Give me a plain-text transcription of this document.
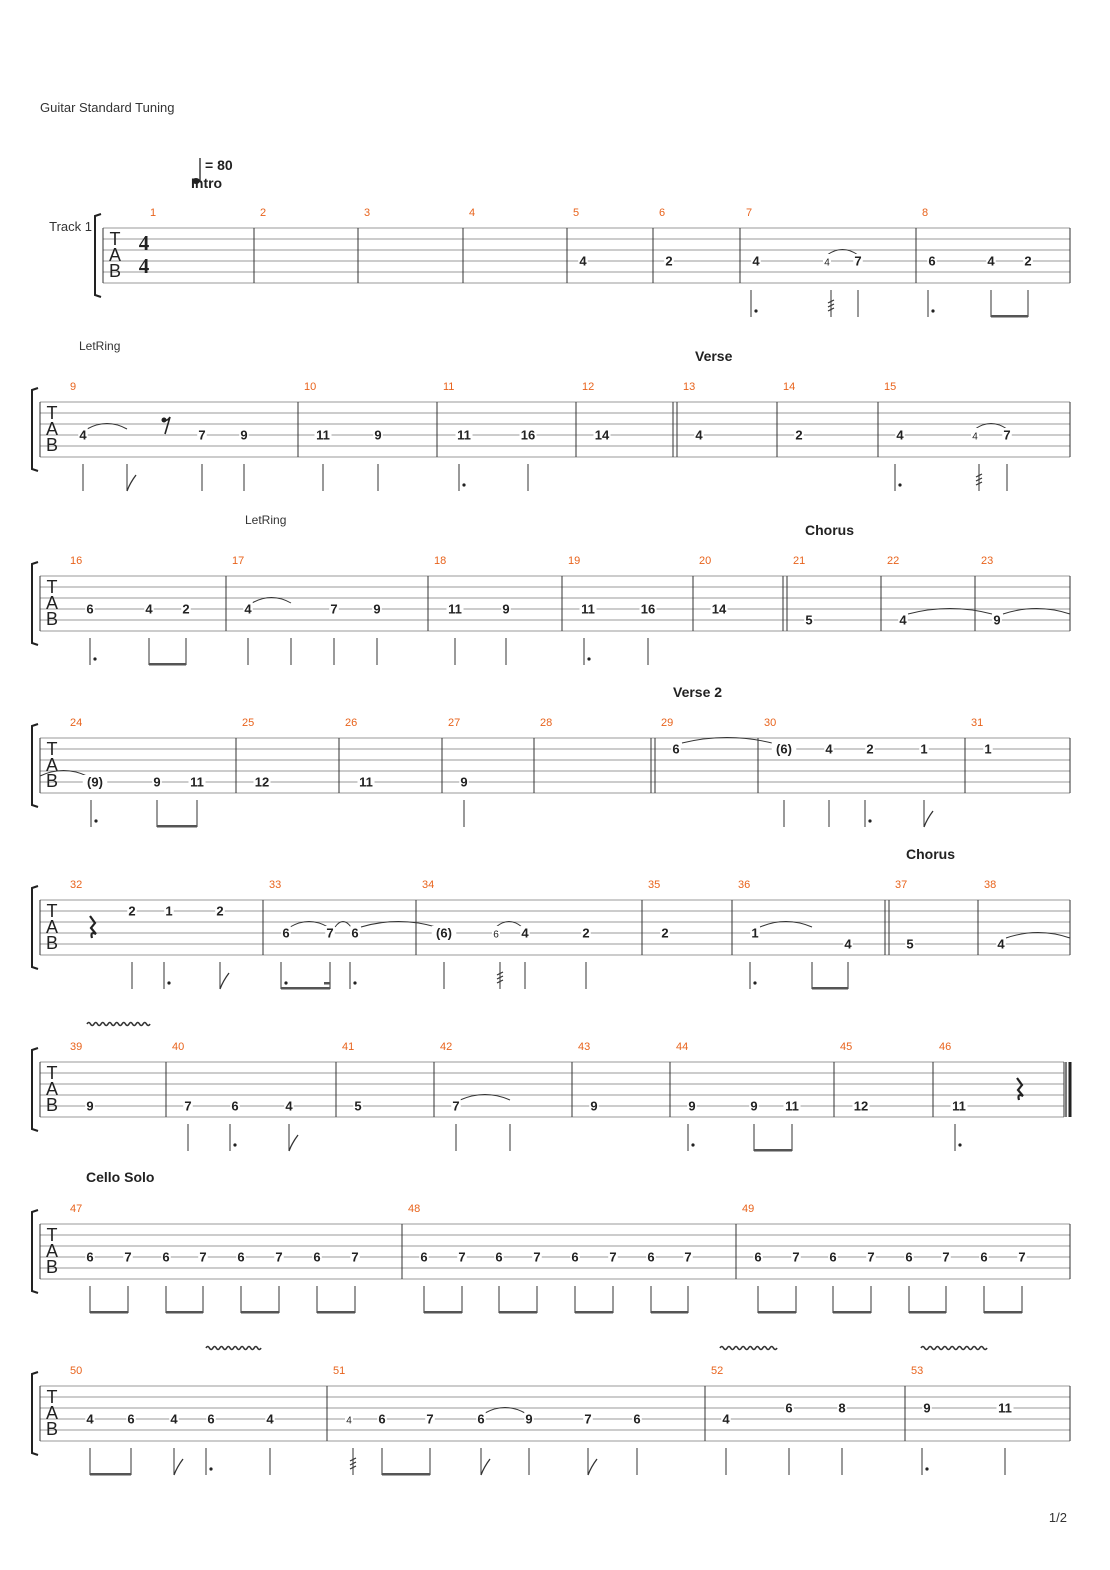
Guitar Standard Tuning
T
A
B
Track 1
4
4
= 80
1	2	3	4	5	6	7	8
Intro
4	2	4	4 7	6	4 2
T
A
B
9	10	11	12	13	14	15
Verse
LetRing
4	7	9	11	9	11	16	14	4	2	4	4 7
T
A
B
16	17	18	19	20	21	22	23
Chorus
LetRing
6	4 2	4	7	9	11	9	11	16	14
5	4	9
T
A
B
24	25	26	27	28	29	30	31
Verse 2
(9)	9 11	12	11	9
6	(6)	4	2	1	1
T
A
B
32	33	34	35	36	37	38
Chorus
2 1	2
6	7 6	(6)	6 4	2	2	1
4	5	4
T
A
B
39	40	41	42	43	44	45	46
9	7	6	4	5	7	9	9	9 11	12	11
T
A
B
47	48	49
Cello Solo
6 7 6 7 6 7 6 7	6 7 6 7 6 7 6 7	6 7 6 7 6 7 6 7
T
A
B
50	51	52	53
4	6	4 6	4	4 6	7	6	9	7	6	4
6	8	9	11
1/2
